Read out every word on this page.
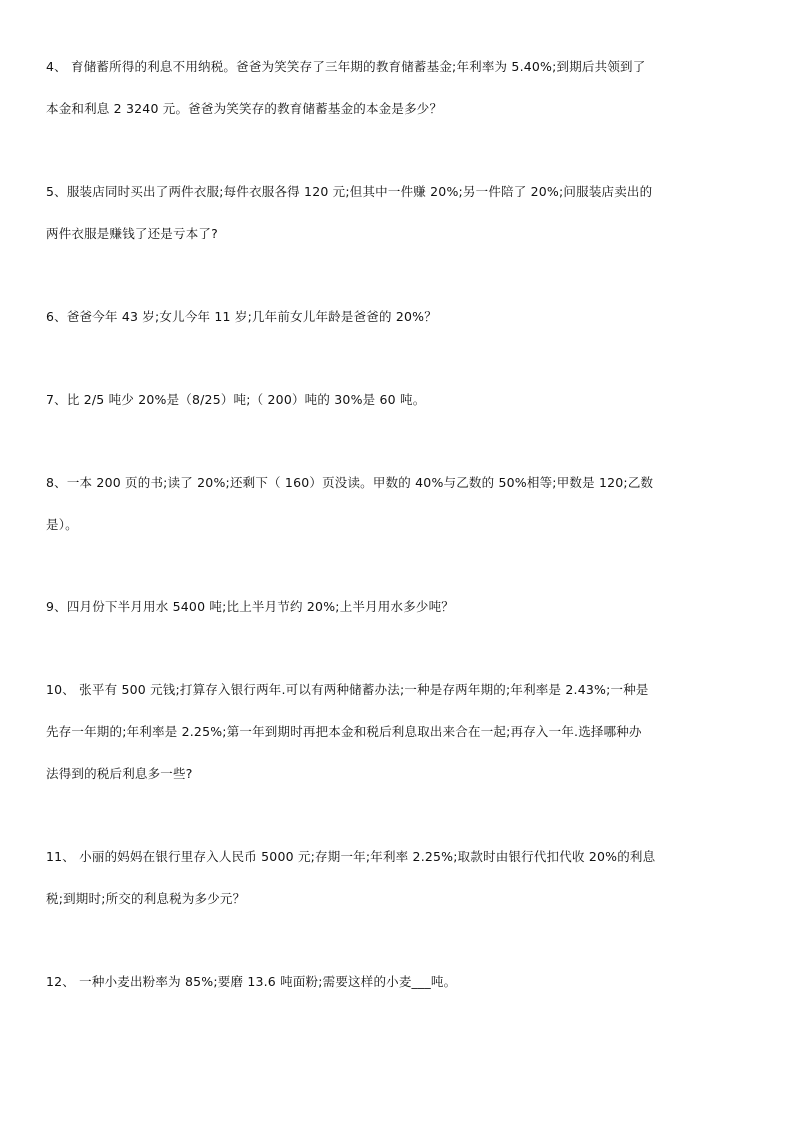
4、 育储蓄所得的利息不用纳税。爸爸为笑笑存了三年期的教育储蓄基金;年利率为 5.40%;到期后共领到了
本金和利息 2 3240 元。爸爸为笑笑存的教育储蓄基金的本金是多少？
5、服装店同时买出了两件衣服;每件衣服各得 120 元;但其中一件赚 20%;另一件陪了 20%;问服装店卖出的
两件衣服是赚钱了还是亏本了?
6、爸爸今年 43 岁;女儿今年 11 岁;几年前女儿年龄是爸爸的 20%？
7、比 2/5 吨少 20%是（8/25）吨;（ 200）吨的 30%是 60 吨。
8、一本 200 页的书;读了 20%;还剩下（ 160）页没读。甲数的 40%与乙数的 50%相等;甲数是 120;乙数
是）。
9、四月份下半月用水 5400 吨;比上半月节约 20%;上半月用水多少吨？
10、 张平有 500 元钱;打算存入银行两年.可以有两种储蓄办法;一种是存两年期的;年利率是 2.43%;一种是
先存一年期的;年利率是 2.25%;第一年到期时再把本金和税后利息取出来合在一起;再存入一年.选择哪种办
法得到的税后利息多一些?
11、 小丽的妈妈在银行里存入人民币 5000 元;存期一年;年利率 2.25%;取款时由银行代扣代收 20%的利息
税;到期时;所交的利息税为多少元？
12、 一种小麦出粉率为 85%;要磨 13.6 吨面粉;需要这样的小麦___吨。
